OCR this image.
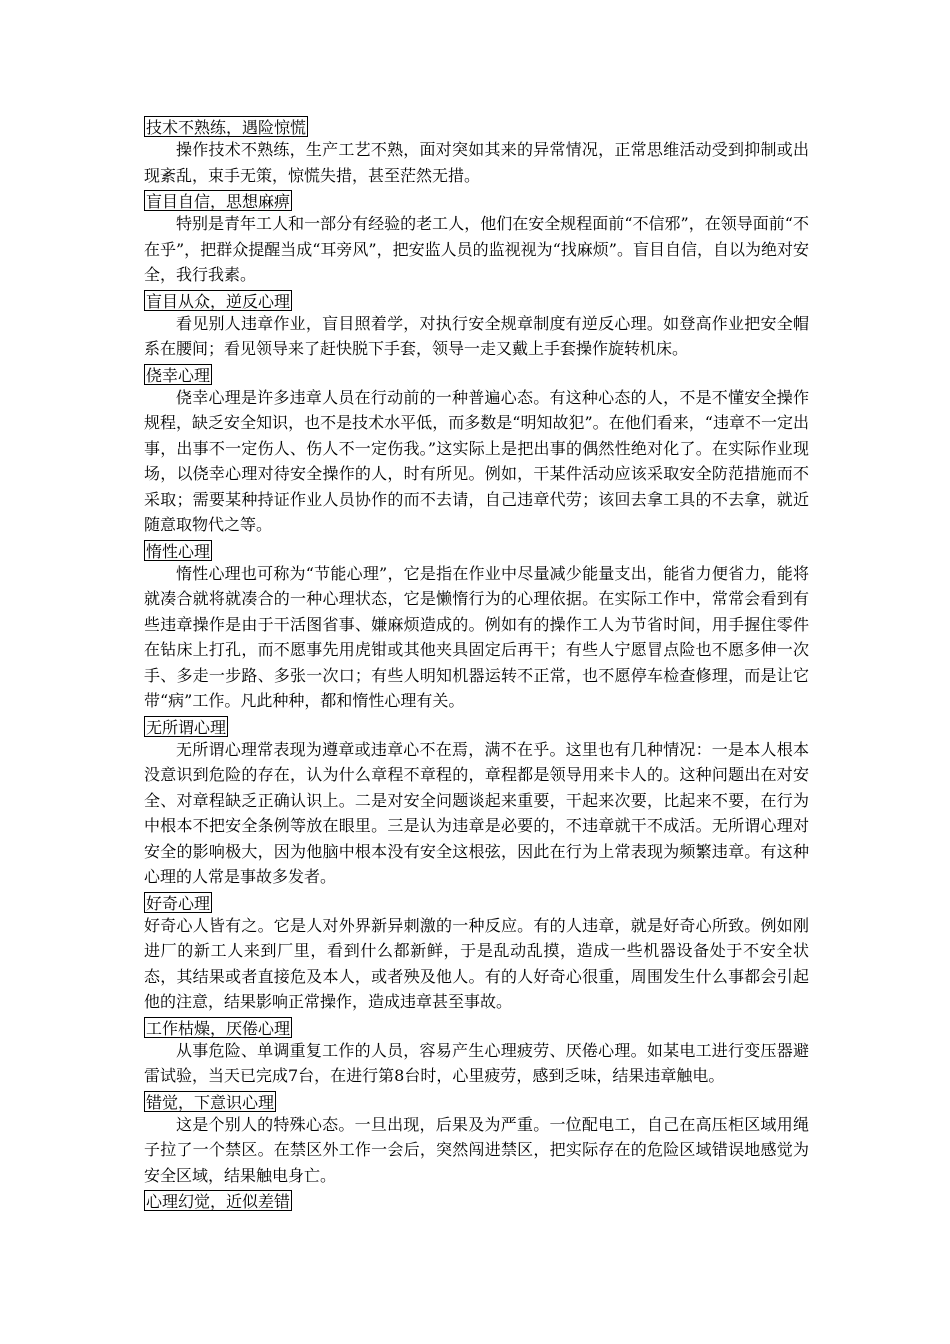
技术不熟练，遇险惊慌

操作技术不熟练，生产工艺不熟，面对突如其来的异常情况，正常思维活动受到抑制或出现紊乱，束手无策，惊慌失措，甚至茫然无措。

盲目自信，思想麻痹

特别是青年工人和一部分有经验的老工人，他们在安全规程面前“不信邪”，在领导面前“不在乎”，把群众提醒当成“耳旁风”，把安监人员的监视视为“找麻烦”。盲目自信，自以为绝对安全，我行我素。

盲目从众，逆反心理

看见别人违章作业，盲目照着学，对执行安全规章制度有逆反心理。如登高作业把安全帽系在腰间；看见领导来了赶快脱下手套，领导一走又戴上手套操作旋转机床。

侥幸心理

侥幸心理是许多违章人员在行动前的一种普遍心态。有这种心态的人，不是不懂安全操作规程，缺乏安全知识，也不是技术水平低，而多数是“明知故犯”。在他们看来，“违章不一定出事，出事不一定伤人、伤人不一定伤我。”这实际上是把出事的偶然性绝对化了。在实际作业现场，以侥幸心理对待安全操作的人，时有所见。例如，干某件活动应该采取安全防范措施而不采取；需要某种持证作业人员协作的而不去请，自己违章代劳；该回去拿工具的不去拿，就近随意取物代之等。

惰性心理

惰性心理也可称为“节能心理”，它是指在作业中尽量减少能量支出，能省力便省力，能将就凑合就将就凑合的一种心理状态，它是懒惰行为的心理依据。在实际工作中，常常会看到有些违章操作是由于干活图省事、嫌麻烦造成的。例如有的操作工人为节省时间，用手握住零件在钻床上打孔，而不愿事先用虎钳或其他夹具固定后再干；有些人宁愿冒点险也不愿多伸一次手、多走一步路、多张一次口；有些人明知机器运转不正常，也不愿停车检查修理，而是让它带“病”工作。凡此种种，都和惰性心理有关。

无所谓心理

无所谓心理常表现为遵章或违章心不在焉，满不在乎。这里也有几种情况：一是本人根本没意识到危险的存在，认为什么章程不章程的，章程都是领导用来卡人的。这种问题出在对安全、对章程缺乏正确认识上。二是对安全问题谈起来重要，干起来次要，比起来不要，在行为中根本不把安全条例等放在眼里。三是认为违章是必要的，不违章就干不成活。无所谓心理对安全的影响极大，因为他脑中根本没有安全这根弦，因此在行为上常表现为频繁违章。有这种心理的人常是事故多发者。

好奇心理

好奇心人皆有之。它是人对外界新异刺激的一种反应。有的人违章，就是好奇心所致。例如刚进厂的新工人来到厂里，看到什么都新鲜，于是乱动乱摸，造成一些机器设备处于不安全状态，其结果或者直接危及本人，或者殃及他人。有的人好奇心很重，周围发生什么事都会引起他的注意，结果影响正常操作，造成违章甚至事故。

工作枯燥，厌倦心理

从事危险、单调重复工作的人员，容易产生心理疲劳、厌倦心理。如某电工进行变压器避雷试验，当天已完成7台，在进行第8台时，心里疲劳，感到乏味，结果违章触电。

错觉，下意识心理

这是个别人的特殊心态。一旦出现，后果及为严重。一位配电工，自己在高压柜区域用绳子拉了一个禁区。在禁区外工作一会后，突然闯进禁区，把实际存在的危险区域错误地感觉为安全区域，结果触电身亡。

心理幻觉，近似差错
